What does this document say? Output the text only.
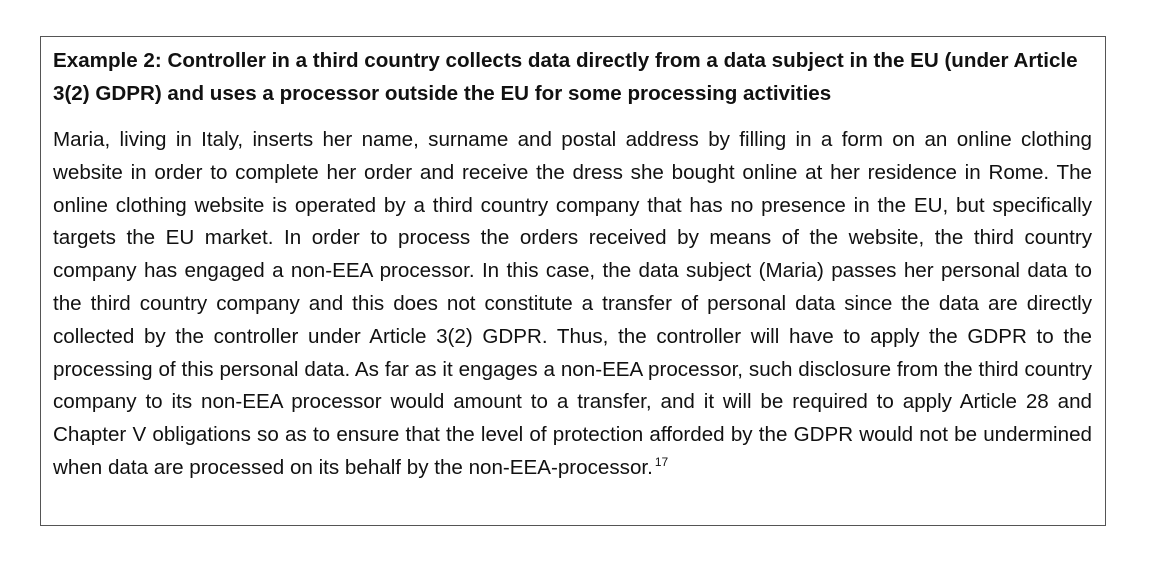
Example 2: Controller in a third country collects data directly from a data subject in the EU (under Article 3(2) GDPR) and uses a processor outside the EU for some processing activities

Maria, living in Italy, inserts her name, surname and postal address by filling in a form on an online clothing website in order to complete her order and receive the dress she bought online at her residence in Rome. The online clothing website is operated by a third country company that has no presence in the EU, but specifically targets the EU market. In order to process the orders received by means of the website, the third country company has engaged a non-EEA processor. In this case, the data subject (Maria) passes her personal data to the third country company and this does not constitute a transfer of personal data since the data are directly collected by the controller under Article 3(2) GDPR. Thus, the controller will have to apply the GDPR to the processing of this personal data. As far as it engages a non-EEA processor, such disclosure from the third country company to its non-EEA processor would amount to a transfer, and it will be required to apply Article 28 and Chapter V obligations so as to ensure that the level of protection afforded by the GDPR would not be undermined when data are processed on its behalf by the non-EEA-processor. $^{17}$
